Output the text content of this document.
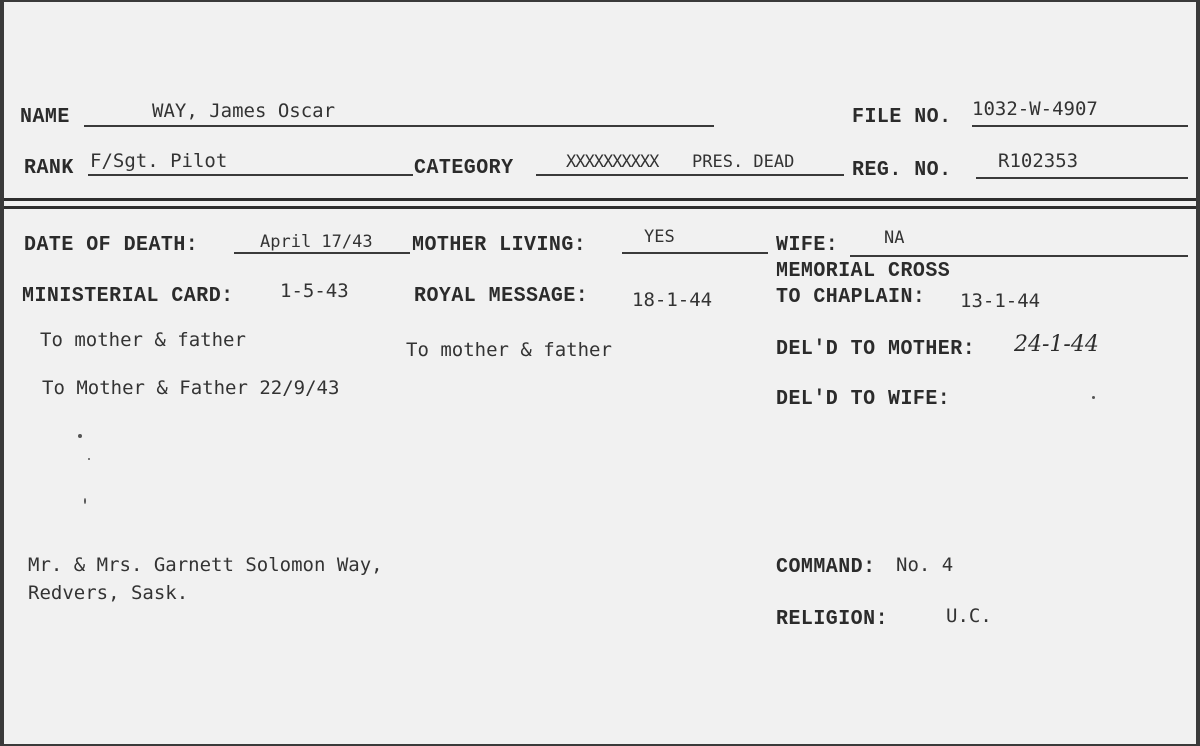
NAME	WAY, James Oscar	FILE NO. 1032-W-4907
RANK F/Sgt. Pilot	CATEGORY	XXXXXXXXXX PRES. DEAD	REG. NO. R102353
DATE OF DEATH:	April 17/43 MOTHER LIVING:	YES	WIFE:	NA
MINISTERIAL CARD: 1-5-43	ROYAL MESSAGE: 18-1-44
MEMORIAL CROSS
TO CHAPLAIN: 13-1-44
To mother & father	To mother & father	DEL'D TO MOTHER: 24-1-44
To Mother & Father 22/9/43	DEL'D TO WIFE:
Mr. & Mrs. Garnett Solomon Way,
Redvers, Sask.
COMMAND: No. 4
RELIGION:	U.C.
